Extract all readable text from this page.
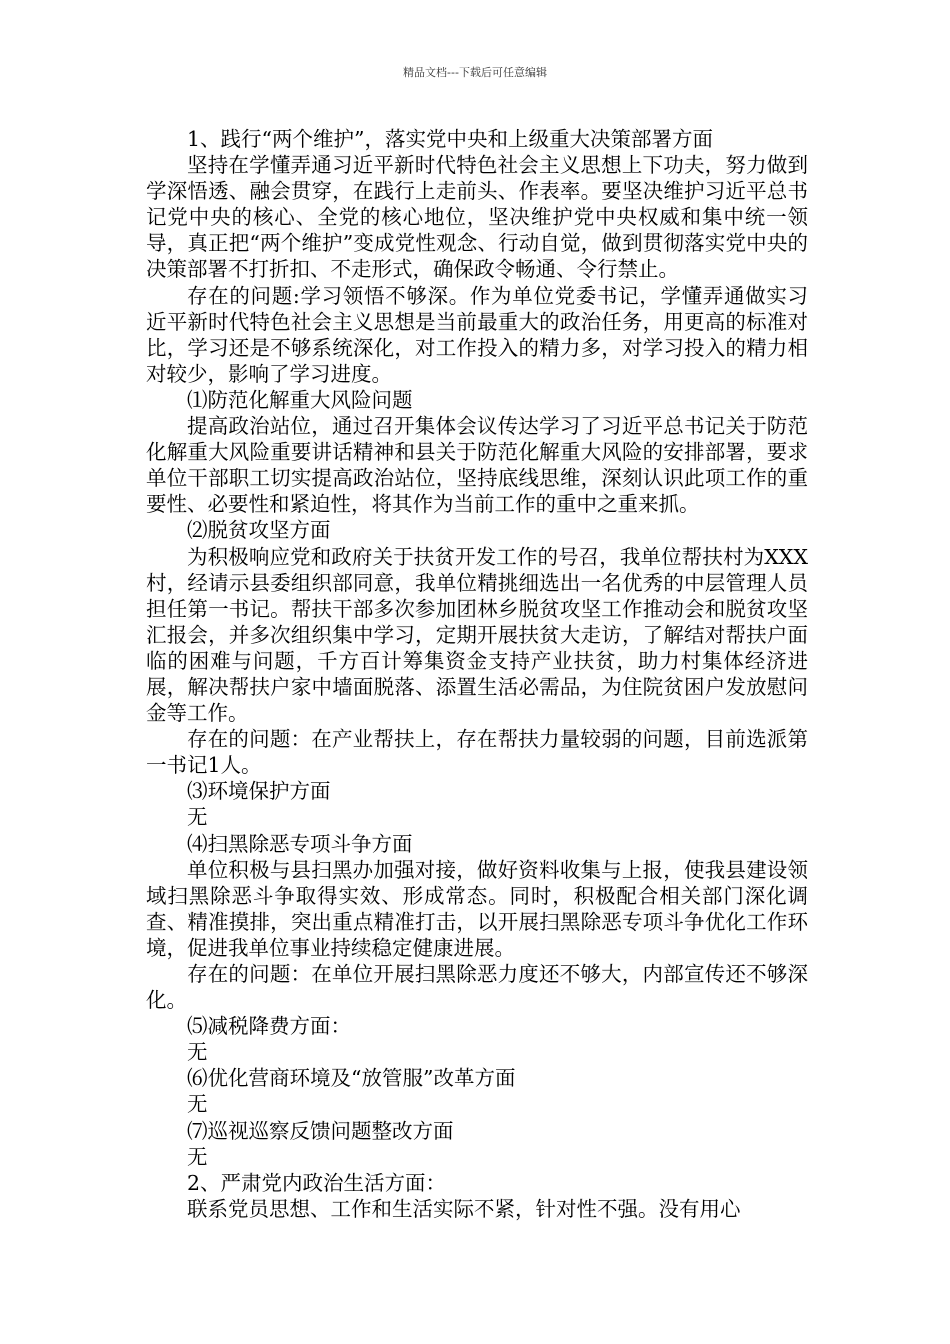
精品文档---下载后可任意编辑

1、践行“两个维护”，落实党中央和上级重大决策部署方面

坚持在学懂弄通习近平新时代特色社会主义思想上下功夫，努力做到学深悟透、融会贯穿，在践行上走前头、作表率。要坚决维护习近平总书记党中央的核心、全党的核心地位，坚决维护党中央权威和集中统一领导，真正把“两个维护”变成党性观念、行动自觉，做到贯彻落实党中央的决策部署不打折扣、不走形式，确保政令畅通、令行禁止。

存在的问题:学习领悟不够深。作为单位党委书记，学懂弄通做实习近平新时代特色社会主义思想是当前最重大的政治任务，用更高的标准对比，学习还是不够系统深化，对工作投入的精力多，对学习投入的精力相对较少，影响了学习进度。

⑴防范化解重大风险问题

提高政治站位，通过召开集体会议传达学习了习近平总书记关于防范化解重大风险重要讲话精神和县关于防范化解重大风险的安排部署，要求单位干部职工切实提高政治站位，坚持底线思维，深刻认识此项工作的重要性、必要性和紧迫性，将其作为当前工作的重中之重来抓。

⑵脱贫攻坚方面

为积极响应党和政府关于扶贫开发工作的号召，我单位帮扶村为XXX村，经请示县委组织部同意，我单位精挑细选出一名优秀的中层管理人员担任第一书记。帮扶干部多次参加团林乡脱贫攻坚工作推动会和脱贫攻坚汇报会，并多次组织集中学习，定期开展扶贫大走访，了解结对帮扶户面临的困难与问题，千方百计筹集资金支持产业扶贫，助力村集体经济进展，解决帮扶户家中墙面脱落、添置生活必需品，为住院贫困户发放慰问金等工作。

存在的问题：在产业帮扶上，存在帮扶力量较弱的问题，目前选派第一书记1人。

⑶环境保护方面

无

⑷扫黑除恶专项斗争方面

单位积极与县扫黑办加强对接，做好资料收集与上报，使我县建设领域扫黑除恶斗争取得实效、形成常态。同时，积极配合相关部门深化调查、精准摸排，突出重点精准打击，以开展扫黑除恶专项斗争优化工作环境，促进我单位事业持续稳定健康进展。

存在的问题：在单位开展扫黑除恶力度还不够大，内部宣传还不够深化。

⑸减税降费方面：

无

⑹优化营商环境及“放管服”改革方面

无

⑺巡视巡察反馈问题整改方面

无

2、严肃党内政治生活方面：

联系党员思想、工作和生活实际不紧，针对性不强。没有用心
